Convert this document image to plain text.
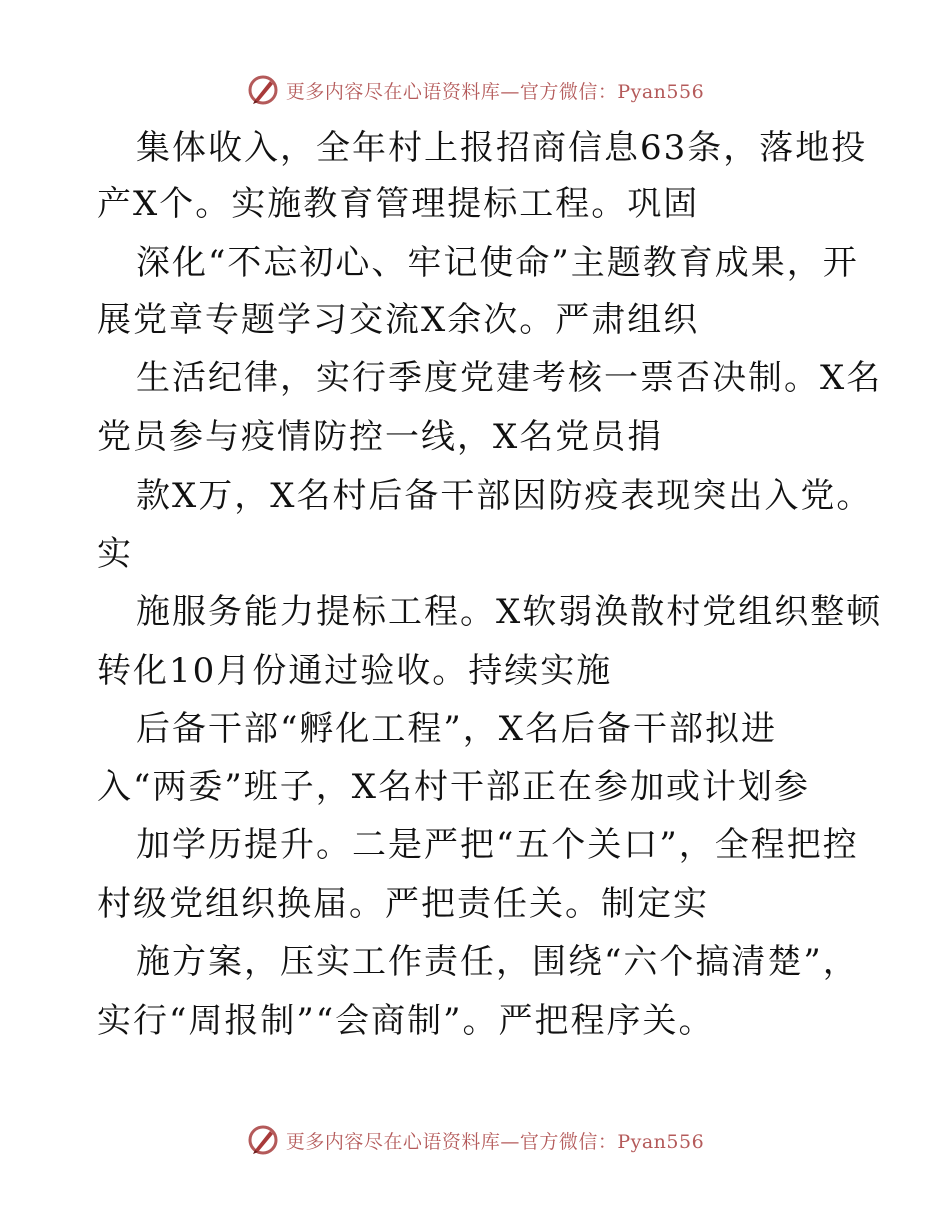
更多内容尽在心语资料库—官方微信：Pyan556
集体收入，全年村上报招商信息63条，落地投
产X个。实施教育管理提标工程。巩固
深化“不忘初心、牢记使命”主题教育成果，开
展党章专题学习交流X余次。严肃组织
生活纪律，实行季度党建考核一票否决制。X名
党员参与疫情防控一线，X名党员捐
款X万，X名村后备干部因防疫表现突出入党。
实
施服务能力提标工程。X软弱涣散村党组织整顿
转化10月份通过验收。持续实施
后备干部“孵化工程”，X名后备干部拟进
入“两委”班子，X名村干部正在参加或计划参
加学历提升。二是严把“五个关口”，全程把控
村级党组织换届。严把责任关。制定实
施方案，压实工作责任，围绕“六个搞清楚”，
实行“周报制”“会商制”。严把程序关。
更多内容尽在心语资料库—官方微信：Pyan556
